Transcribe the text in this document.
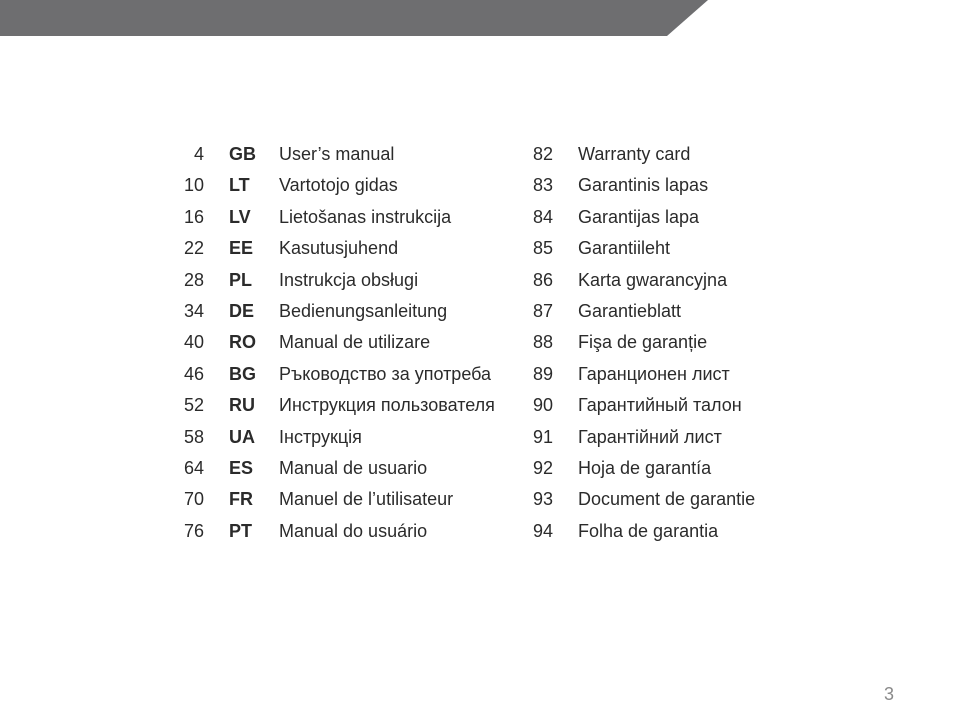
4 GB User’s manual	82 Warranty card
10 LT Vartotojo gidas	83 Garantinis lapas
16 LV Lietošanas instrukcija	84 Garantijas lapa
22 EE Kasutusjuhend	85 Garantiileht
28 PL Instrukcja obsługi	86 Karta gwarancyjna
34 DE Bedienungsanleitung	87 Garantieblatt
40 RO Manual de utilizare	88 Fişa de garanție
46 BG Ръководство за употреба	89 Гаранционен лист
52 RU Инструкция пользователя	90 Гарантийный талон
58 UA Інструкція	91 Гарантійний лист
64 ES Manual de usuario	92 Hoja de garantía
70 FR Manuel de l’utilisateur	93 Document de garantie
76 PT Manual do usuário	94 Folha de garantia
3
